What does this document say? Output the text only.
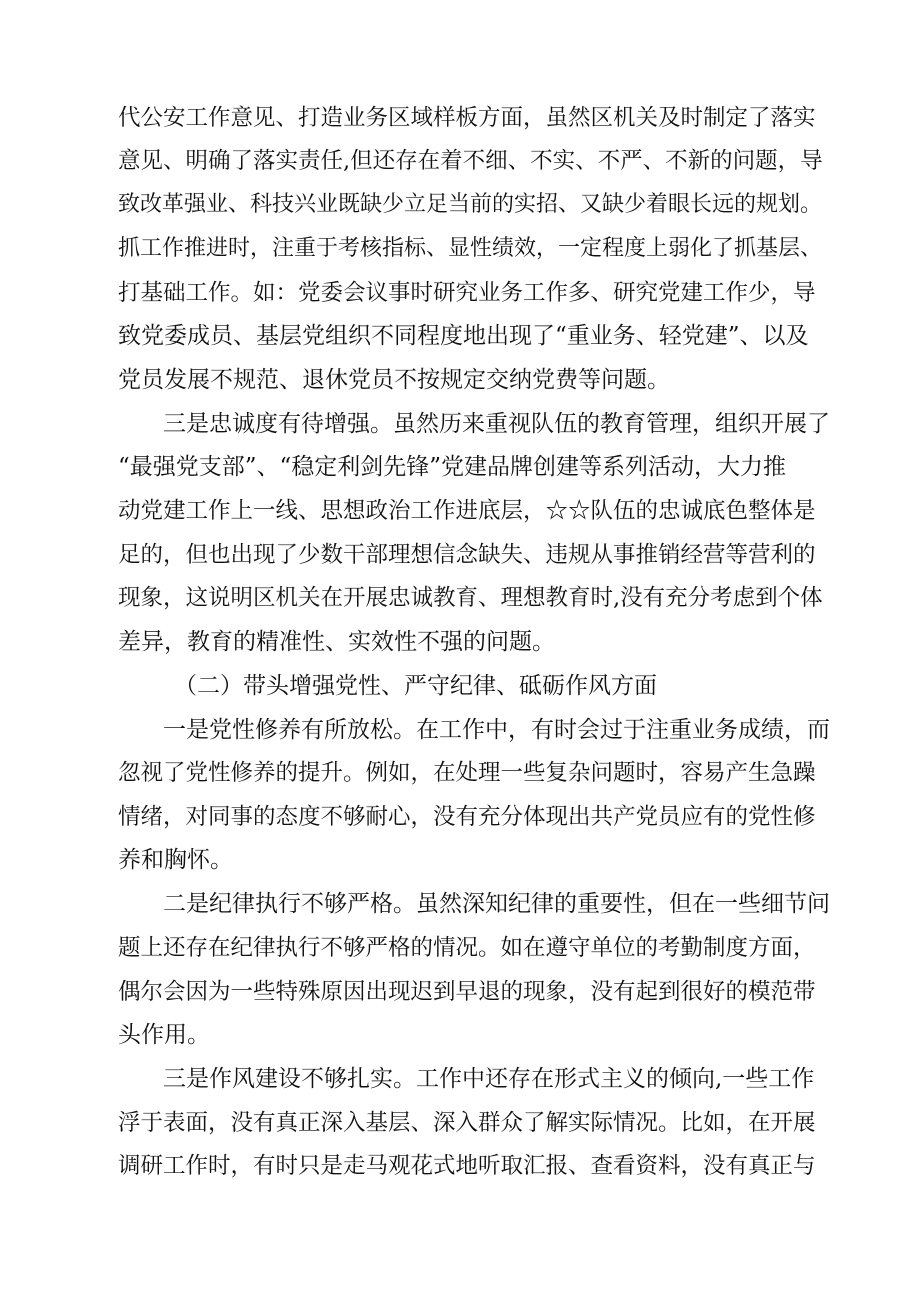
代公安工作意见、打造业务区域样板方面，虽然区机关及时制定了落实
意见、明确了落实责任,但还存在着不细、不实、不严、不新的问题，导
致改革强业、科技兴业既缺少立足当前的实招、又缺少着眼长远的规划。
抓工作推进时，注重于考核指标、显性绩效，一定程度上弱化了抓基层、
打基础工作。如：党委会议事时研究业务工作多、研究党建工作少，导
致党委成员、基层党组织不同程度地出现了“重业务、轻党建”、以及
党员发展不规范、退休党员不按规定交纳党费等问题。
三是忠诚度有待增强。虽然历来重视队伍的教育管理，组织开展了
“最强党支部”、“稳定利剑先锋”党建品牌创建等系列活动，大力推
动党建工作上一线、思想政治工作进底层，☆☆队伍的忠诚底色整体是
足的，但也出现了少数干部理想信念缺失、违规从事推销经营等营利的
现象，这说明区机关在开展忠诚教育、理想教育时,没有充分考虑到个体
差异，教育的精准性、实效性不强的问题。
（二）带头增强党性、严守纪律、砥砺作风方面
一是党性修养有所放松。在工作中，有时会过于注重业务成绩，而
忽视了党性修养的提升。例如，在处理一些复杂问题时，容易产生急躁
情绪，对同事的态度不够耐心，没有充分体现出共产党员应有的党性修
养和胸怀。
二是纪律执行不够严格。虽然深知纪律的重要性，但在一些细节问
题上还存在纪律执行不够严格的情况。如在遵守单位的考勤制度方面，
偶尔会因为一些特殊原因出现迟到早退的现象，没有起到很好的模范带
头作用。
三是作风建设不够扎实。工作中还存在形式主义的倾向,一些工作
浮于表面，没有真正深入基层、深入群众了解实际情况。比如，在开展
调研工作时，有时只是走马观花式地听取汇报、查看资料，没有真正与
